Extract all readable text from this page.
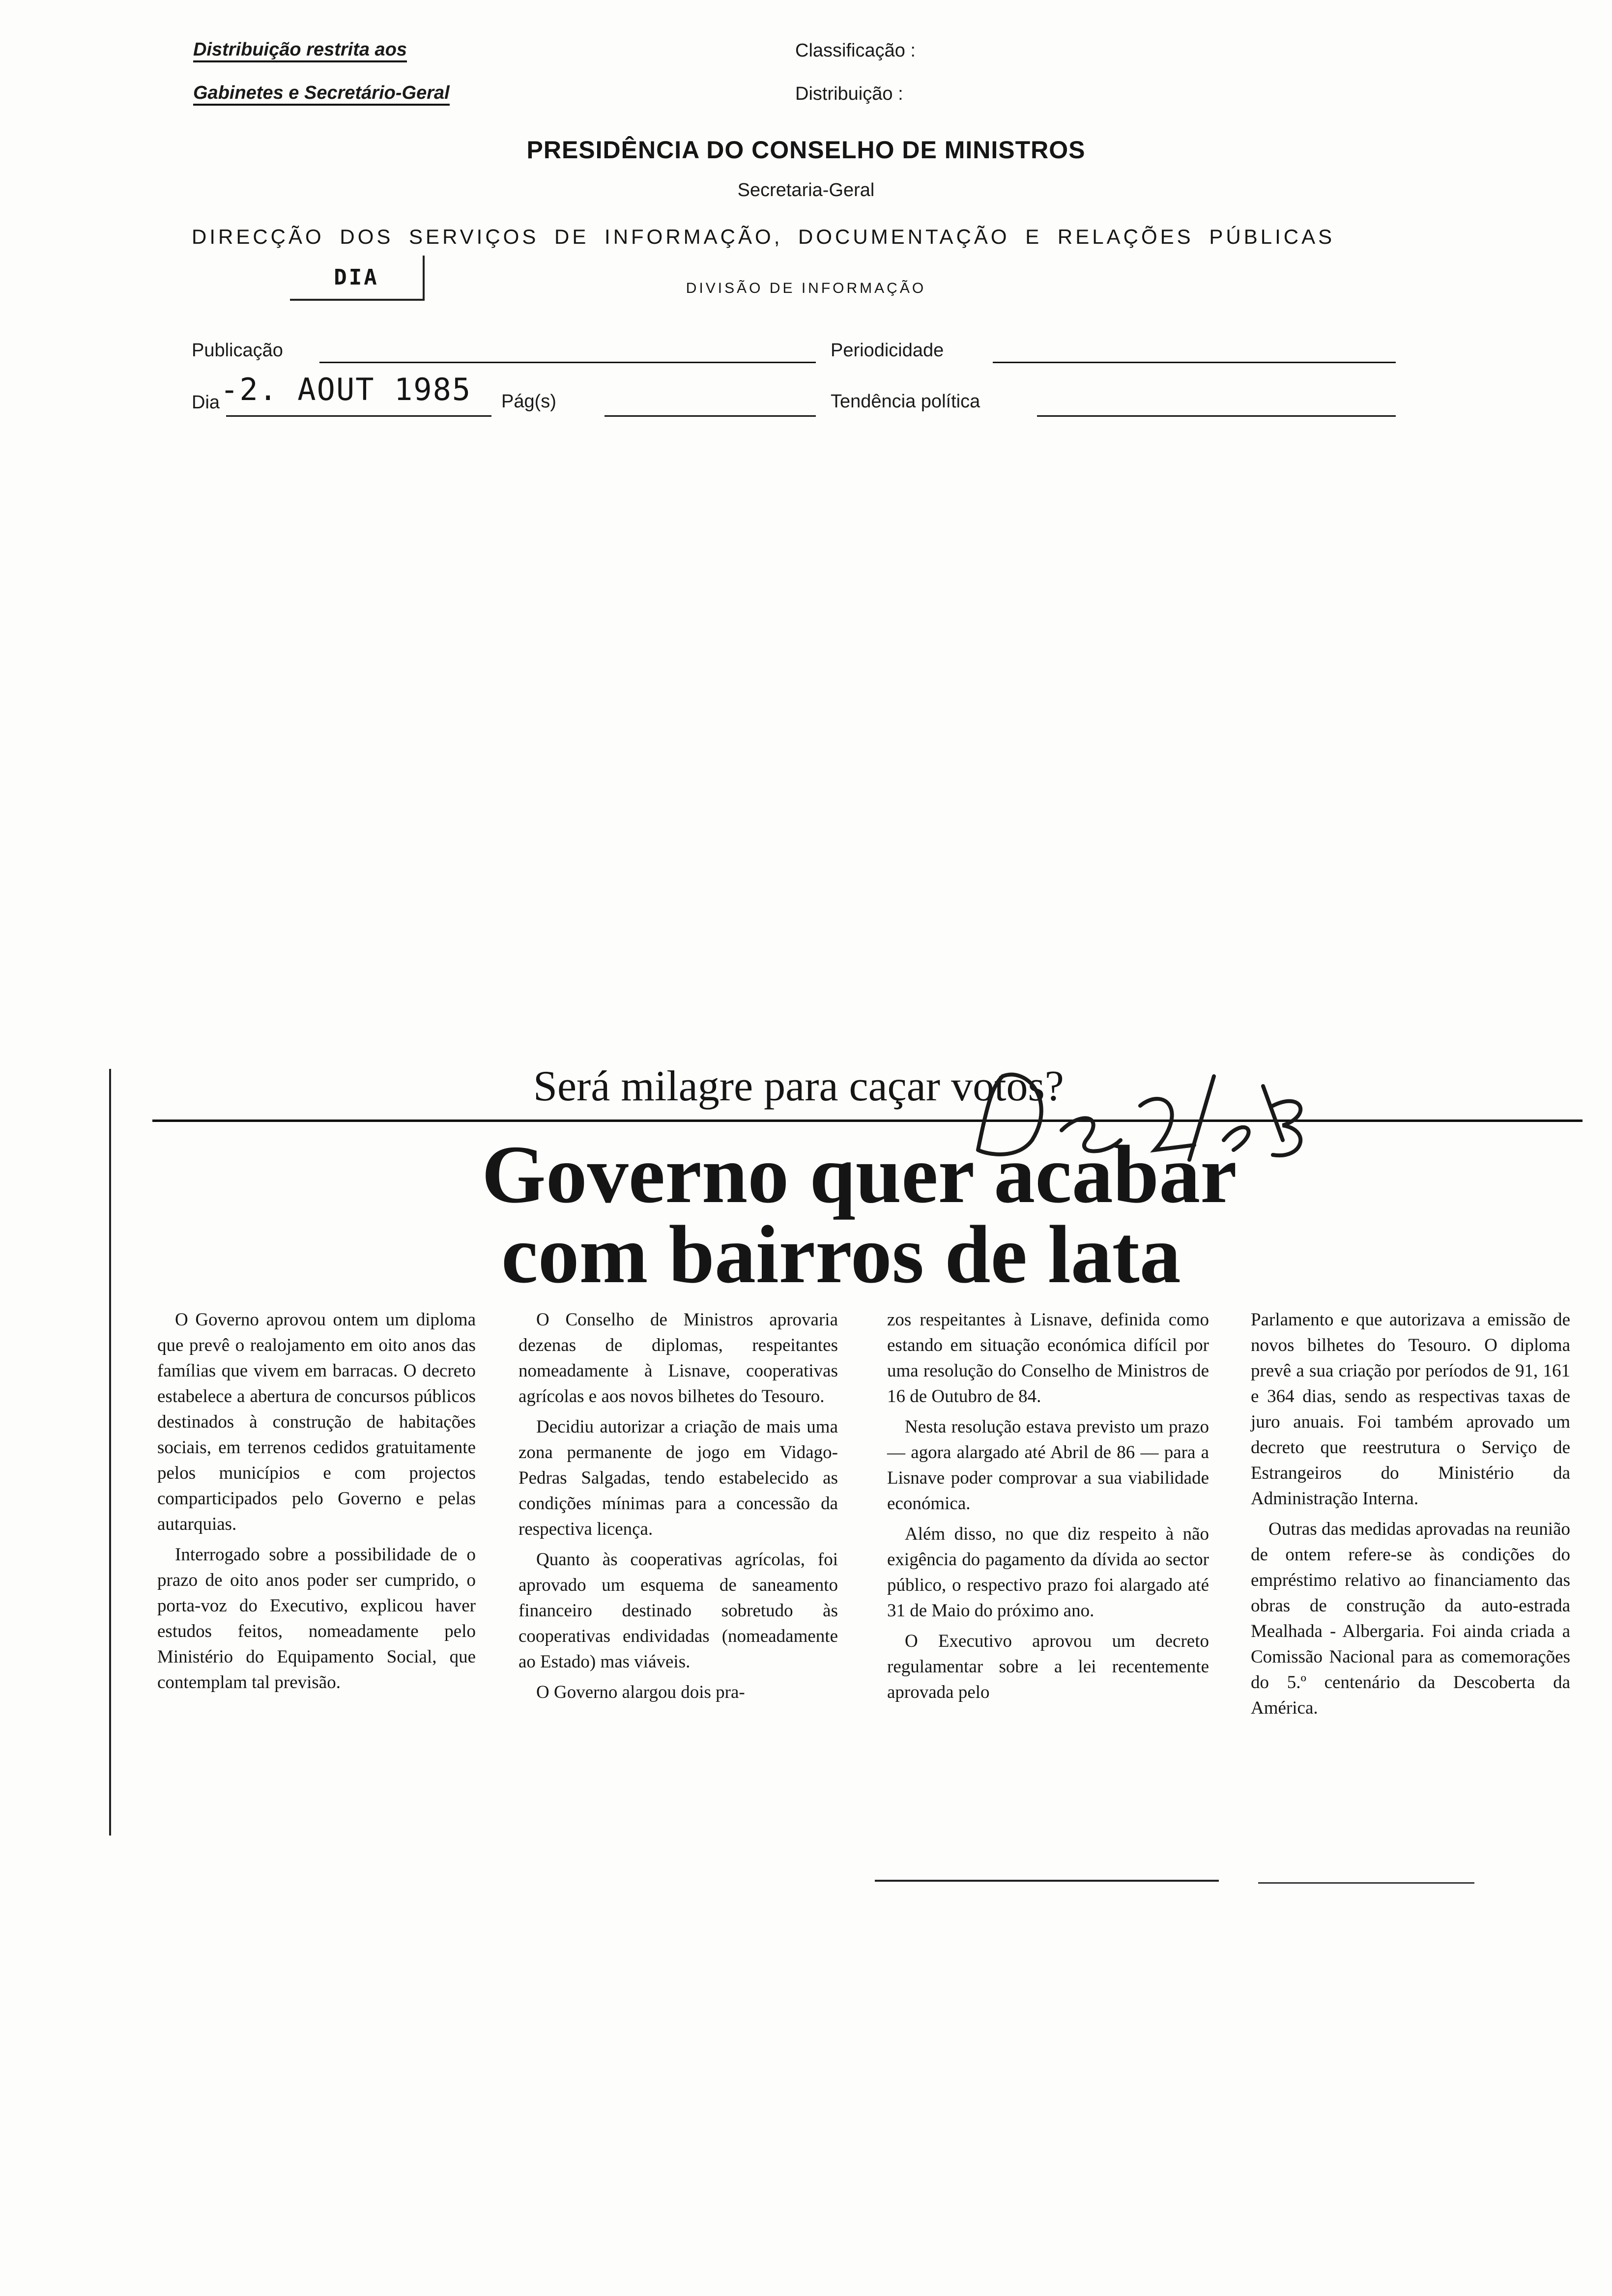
Distribuição restrita aos
Gabinetes e Secretário-Geral
Classificação :
Distribuição :
PRESIDÊNCIA DO CONSELHO DE MINISTROS
Secretaria-Geral
DIRECÇÃO DOS SERVIÇOS DE INFORMAÇÃO, DOCUMENTAÇÃO E RELAÇÕES PÚBLICAS
DIA	DIVISÃO DE INFORMAÇÃO
Publicação	Periodicidade
Dia -2. AOUT 1985 Pág(s)	Tendência política
Será milagre para caçar votos?
Governo quer acabar
com bairros de lata

O Governo aprovou ontem um diploma que prevê o realojamento em oito anos das famílias que vivem em barracas. O decreto estabelece a abertura de concursos públicos destinados à construção de habitações sociais, em terrenos cedidos gratuitamente pelos municípios e com projectos comparticipados pelo Governo e pelas autarquias.

Interrogado sobre a possibilidade de o prazo de oito anos poder ser cumprido, o porta-voz do Executivo, explicou haver estudos feitos, nomeadamente pelo Ministério do Equipamento Social, que contemplam tal previsão.

O Conselho de Ministros aprovaria dezenas de diplomas, respeitantes nomeadamente à Lisnave, cooperativas agrícolas e aos novos bilhetes do Tesouro.

Decidiu autorizar a criação de mais uma zona permanente de jogo em Vidago-Pedras Salgadas, tendo estabelecido as condições mínimas para a concessão da respectiva licença.

Quanto às cooperativas agrícolas, foi aprovado um esquema de saneamento financeiro destinado sobretudo às cooperativas endividadas (nomeadamente ao Estado) mas viáveis.

O Governo alargou dois pra-

zos respeitantes à Lisnave, definida como estando em situação económica difícil por uma resolução do Conselho de Ministros de 16 de Outubro de 84.

Nesta resolução estava previsto um prazo — agora alargado até Abril de 86 — para a Lisnave poder comprovar a sua viabilidade económica.

Além disso, no que diz respeito à não exigência do pagamento da dívida ao sector público, o respectivo prazo foi alargado até 31 de Maio do próximo ano.

O Executivo aprovou um decreto regulamentar sobre a lei recentemente aprovada pelo

Parlamento e que autorizava a emissão de novos bilhetes do Tesouro. O diploma prevê a sua criação por períodos de 91, 161 e 364 dias, sendo as respectivas taxas de juro anuais. Foi também aprovado um decreto que reestrutura o Serviço de Estrangeiros do Ministério da Administração Interna.

Outras das medidas aprovadas na reunião de ontem refere-se às condições do empréstimo relativo ao financiamento das obras de construção da auto-estrada Mealhada - Albergaria. Foi ainda criada a Comissão Nacional para as comemorações do 5.º centenário da Descoberta da América.
